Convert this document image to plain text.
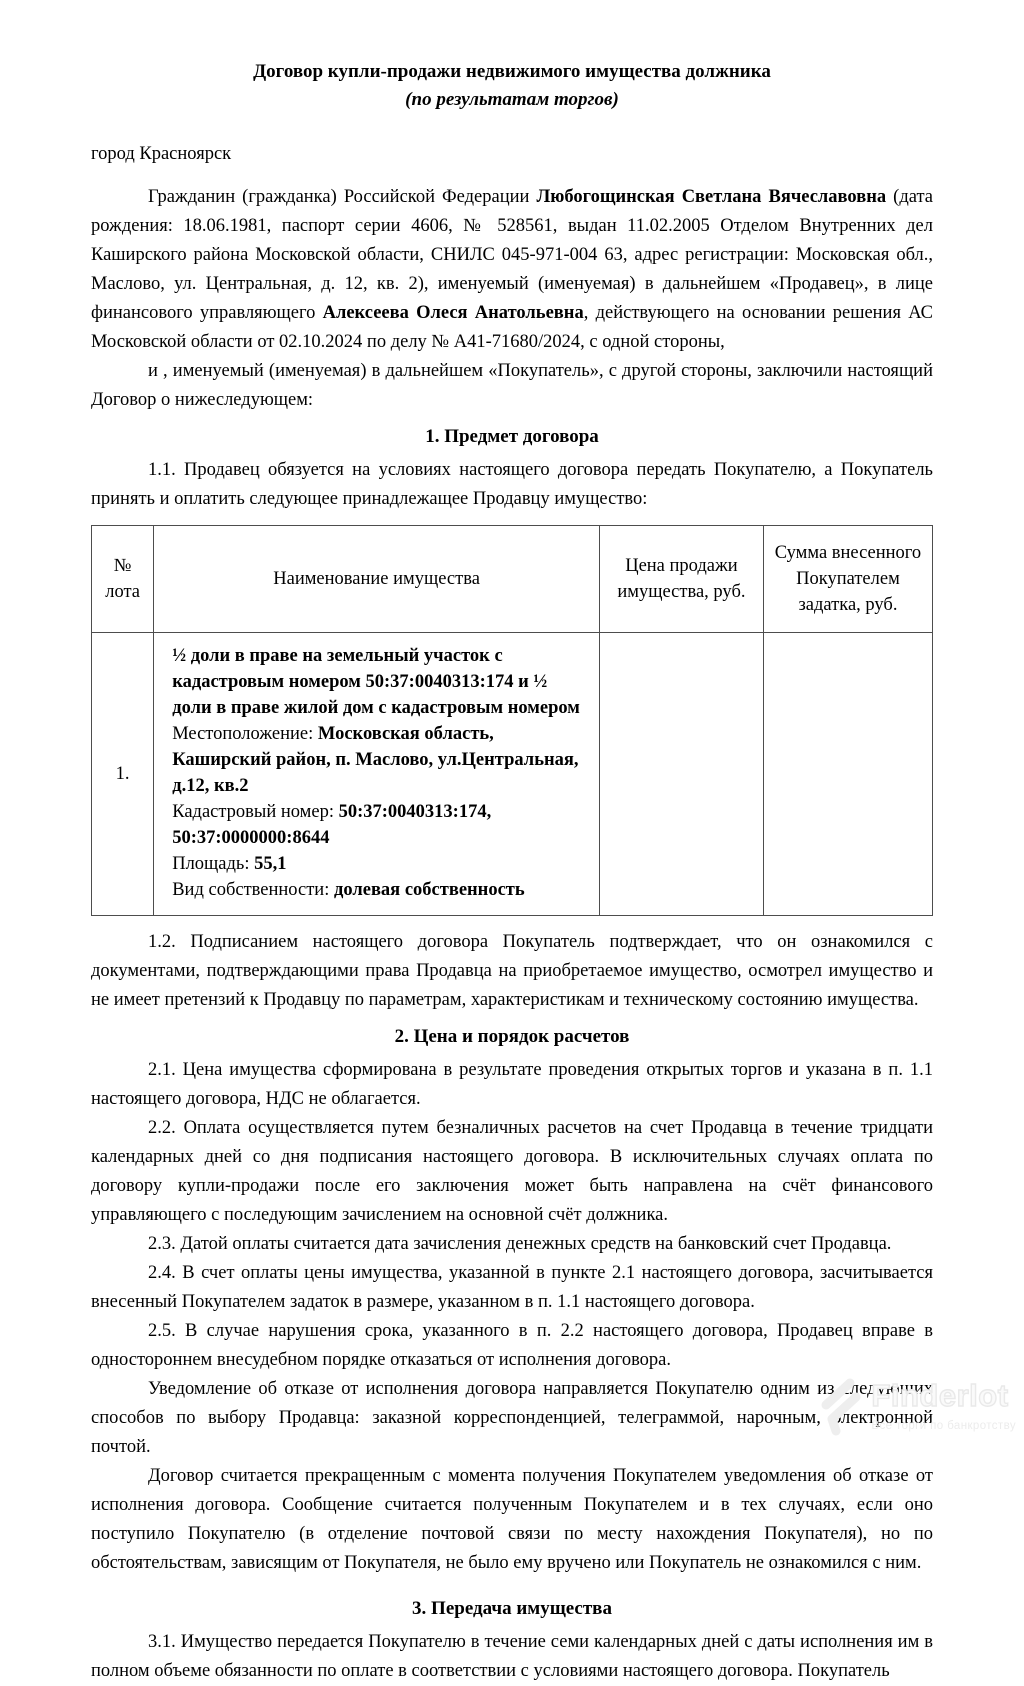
Договор купли-продажи недвижимого имущества должника
(по результатам торгов)
город Красноярск

Гражданин (гражданка) Российской Федерации Любогощинская Светлана Вячеславовна (дата рождения: 18.06.1981, паспорт серии 4606, № 528561, выдан 11.02.2005 Отделом Внутренних дел Каширского района Московской области, СНИЛС 045-971-004 63, адрес регистрации: Московская обл., Маслово, ул. Центральная, д. 12, кв. 2), именуемый (именуемая) в дальнейшем «Продавец», в лице финансового управляющего Алексеева Олеся Анатольевна, действующего на основании решения АС Московской области от 02.10.2024 по делу № А41-71680/2024, с одной стороны,

и , именуемый (именуемая) в дальнейшем «Покупатель», с другой стороны, заключили настоящий Договор о нижеследующем:

1. Предмет договора

1.1. Продавец обязуется на условиях настоящего договора передать Покупателю, а Покупатель принять и оплатить следующее принадлежащее Продавцу имущество:

№ лота	Наименование имущества	Цена продажи имущества, руб.	Сумма внесенного Покупателем задатка, руб.
1.	½ доли в праве на земельный участок с кадастровым номером 50:37:0040313:174 и ½ доли в праве жилой дом с кадастровым номером
Местоположение: Московская область, Каширский район, п. Маслово, ул.Центральная, д.12, кв.2
Кадастровый номер: 50:37:0040313:174, 50:37:0000000:8644
Площадь: 55,1
Вид собственности: долевая собственность		

1.2. Подписанием настоящего договора Покупатель подтверждает, что он ознакомился с документами, подтверждающими права Продавца на приобретаемое имущество, осмотрел имущество и не имеет претензий к Продавцу по параметрам, характеристикам и техническому состоянию имущества.

2. Цена и порядок расчетов

2.1. Цена имущества сформирована в результате проведения открытых торгов и указана в п. 1.1 настоящего договора, НДС не облагается.

2.2. Оплата осуществляется путем безналичных расчетов на счет Продавца в течение тридцати календарных дней со дня подписания настоящего договора. В исключительных случаях оплата по договору купли-продажи после его заключения может быть направлена на счёт финансового управляющего с последующим зачислением на основной счёт должника.

2.3. Датой оплаты считается дата зачисления денежных средств на банковский счет Продавца.

2.4. В счет оплаты цены имущества, указанной в пункте 2.1 настоящего договора, засчитывается внесенный Покупателем задаток в размере, указанном в п. 1.1 настоящего договора.

2.5. В случае нарушения срока, указанного в п. 2.2 настоящего договора, Продавец вправе в одностороннем внесудебном порядке отказаться от исполнения договора.

Уведомление об отказе от исполнения договора направляется Покупателю одним из следующих способов по выбору Продавца: заказной корреспонденцией, телеграммой, нарочным, электронной почтой.

Договор считается прекращенным с момента получения Покупателем уведомления об отказе от исполнения договора. Сообщение считается полученным Покупателем и в тех случаях, если оно поступило Покупателю (в отделение почтовой связи по месту нахождения Покупателя), но по обстоятельствам, зависящим от Покупателя, не было ему вручено или Покупатель не ознакомился с ним.

3. Передача имущества

3.1. Имущество передается Покупателю в течение семи календарных дней с даты исполнения им в полном объеме обязанности по оплате в соответствии с условиями настоящего договора. Покупатель

Finderlot
Все торги по банкротству
